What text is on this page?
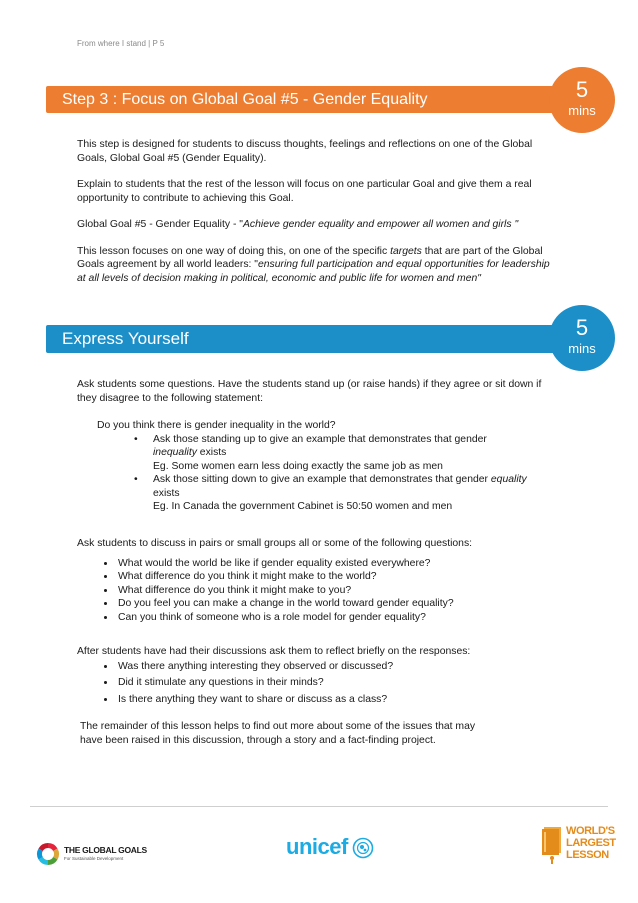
From where I stand | P 5
Step 3 : Focus on Global Goal #5 - Gender Equality	5
mins

This step is designed for students to discuss thoughts, feelings and reflections on one of the Global Goals, Global Goal #5 (Gender Equality).

Explain to students that the rest of the lesson will focus on one particular Goal and give them a real opportunity to contribute to achieving this Goal.

Global Goal #5 - Gender Equality - "Achieve gender equality and empower all women and girls "

This lesson focuses on one way of doing this, on one of the specific targets that are part of the Global Goals agreement by all world leaders: "ensuring full participation and equal opportunities for leadership at all levels of decision making in political, economic and public life for women and men"

Express Yourself	5
mins
Ask students some questions. Have the students stand up (or raise hands) if they agree or sit down if they disagree to the following statement:

Do you think there is gender inequality in the world?

• Ask those standing up to give an example that demonstrates that gender
inequality exists
Eg. Some women earn less doing exactly the same job as men
• Ask those sitting down to give an example that demonstrates that gender equality
exists
Eg. In Canada the government Cabinet is 50:50 women and men

Ask students to discuss in pairs or small groups all or some of the following questions:

• What would the world be like if gender equality existed everywhere?
• What difference do you think it might make to the world?
• What difference do you think it might make to you?
• Do you feel you can make a change in the world toward gender equality?
• Can you think of someone who is a role model for gender equality?

After students have had their discussions ask them to reflect briefly on the responses:

• Was there anything interesting they observed or discussed?
• Did it stimulate any questions in their minds?
• Is there anything they want to share or discuss as a class?
The remainder of this lesson helps to find out more about some of the issues that may have been raised in this discussion, through a story and a fact-finding project.
THE GLOBAL GOALS
For Sustainable Development	unicef
WORLD'S
LARGEST
LESSON
